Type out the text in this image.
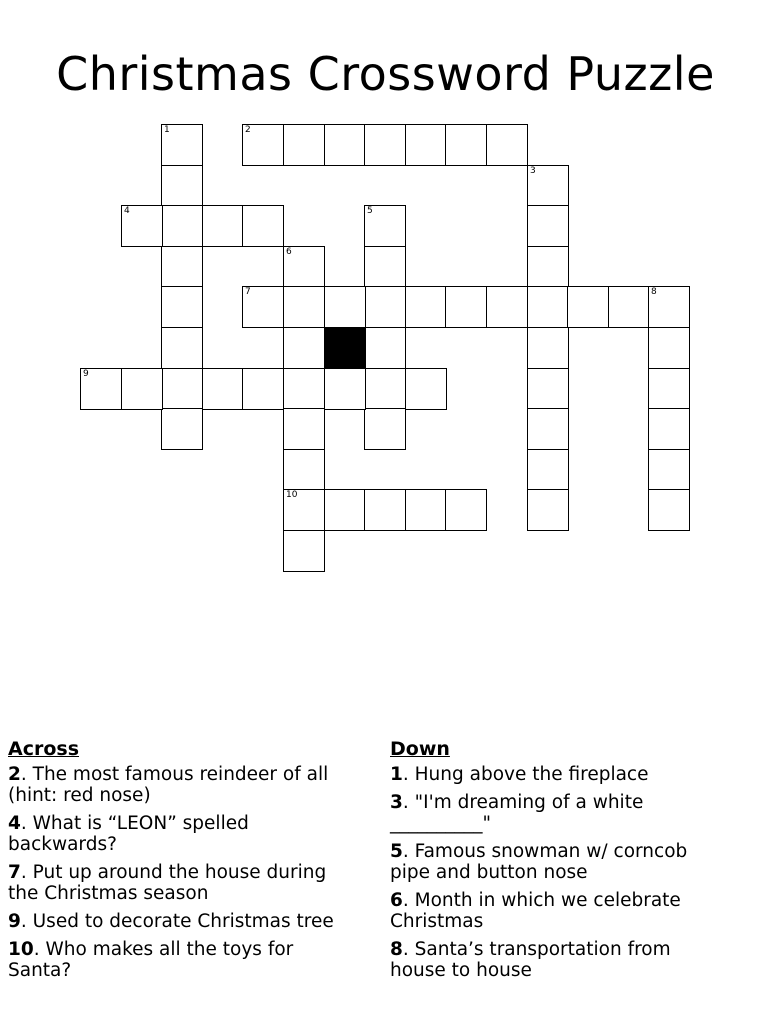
Christmas Crossword Puzzle
2
1
3
4	5
6
10
7	8
9
Across
2. The most famous reindeer of all (hint: red nose)
4. What is “LEON” spelled backwards?
7. Put up around the house during the Christmas season
9. Used to decorate Christmas tree
10. Who makes all the toys for Santa?
Down
1. Hung above the fireplace
3. "I'm dreaming of a white __________"
5. Famous snowman w/ corncob pipe and button nose
6. Month in which we celebrate Christmas
8. Santa’s transportation from house to house
